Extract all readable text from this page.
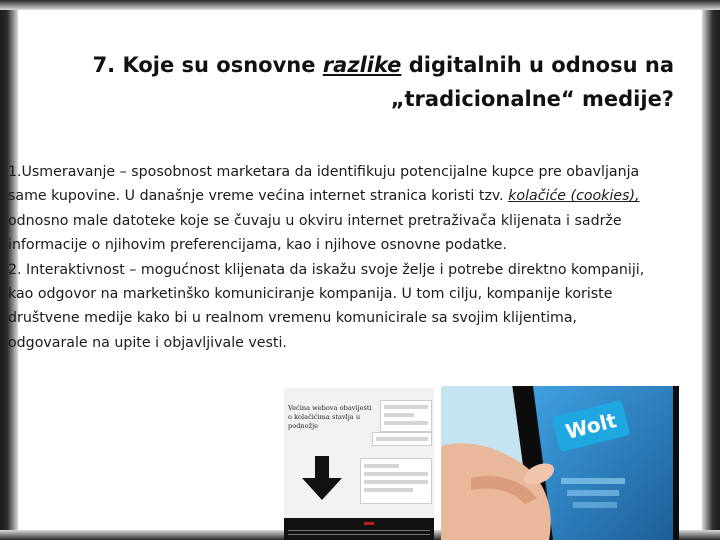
7. Koje su osnovne razlike digitalnih u odnosu na
„tradicionalne“ medije?

1.Usmeravanje – sposobnost marketara da identifikuju potencijalne kupce pre obavljanja same kupovine. U današnje vreme većina internet stranica koristi tzv. kolačiće (cookies), odnosno male datoteke koje se čuvaju u okviru internet pretraživača klijenata i sadrže informacije o njihovim preferencijama, kao i njihove osnovne podatke.

2. Interaktivnost – mogućnost klijenata da iskažu svoje želje i potrebe direktno kompaniji, kao odgovor na marketinško komuniciranje kompanija. U tom cilju, kompanije koriste društvene medije kako bi u realnom vremenu komunicirale sa svojim klijentima, odgovarale na upite i objavljivale vesti.

Većina webova obavijesti o kolačićima stavlja u podnožje	Wolt
